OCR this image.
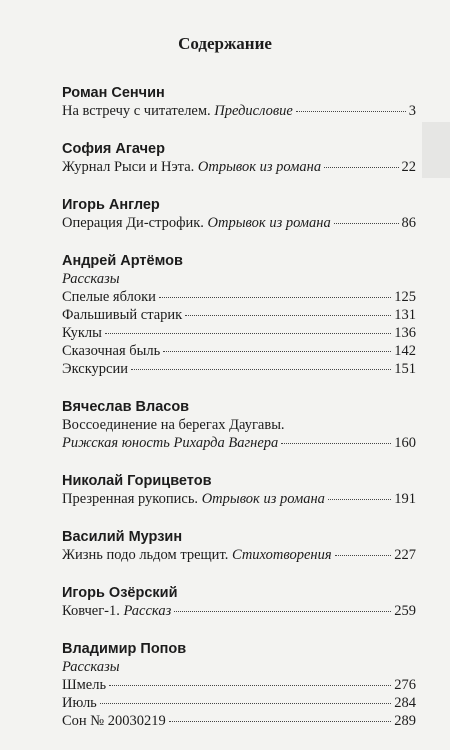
Содержание
Роман Сенчин
На встречу с читателем. Предисловие	3
София Агачер
Журнал Рыси и Нэта. Отрывок из романа	22
Игорь Англер
Операция Ди-строфик. Отрывок из романа	86
Андрей Артёмов
Рассказы
Спелые яблоки	125
Фальшивый старик	131
Куклы	136
Сказочная быль	142
Экскурсии	151
Вячеслав Власов
Воссоединение на берегах Даугавы.
Рижская юность Рихарда Вагнера	160
Николай Горицветов
Презренная рукопись. Отрывок из романа	191
Василий Мурзин
Жизнь подо льдом трещит. Стихотворения	227
Игорь Озёрский
Ковчег-1. Рассказ	259
Владимир Попов
Рассказы
Шмель	276
Июль	284
Сон № 20030219	289
